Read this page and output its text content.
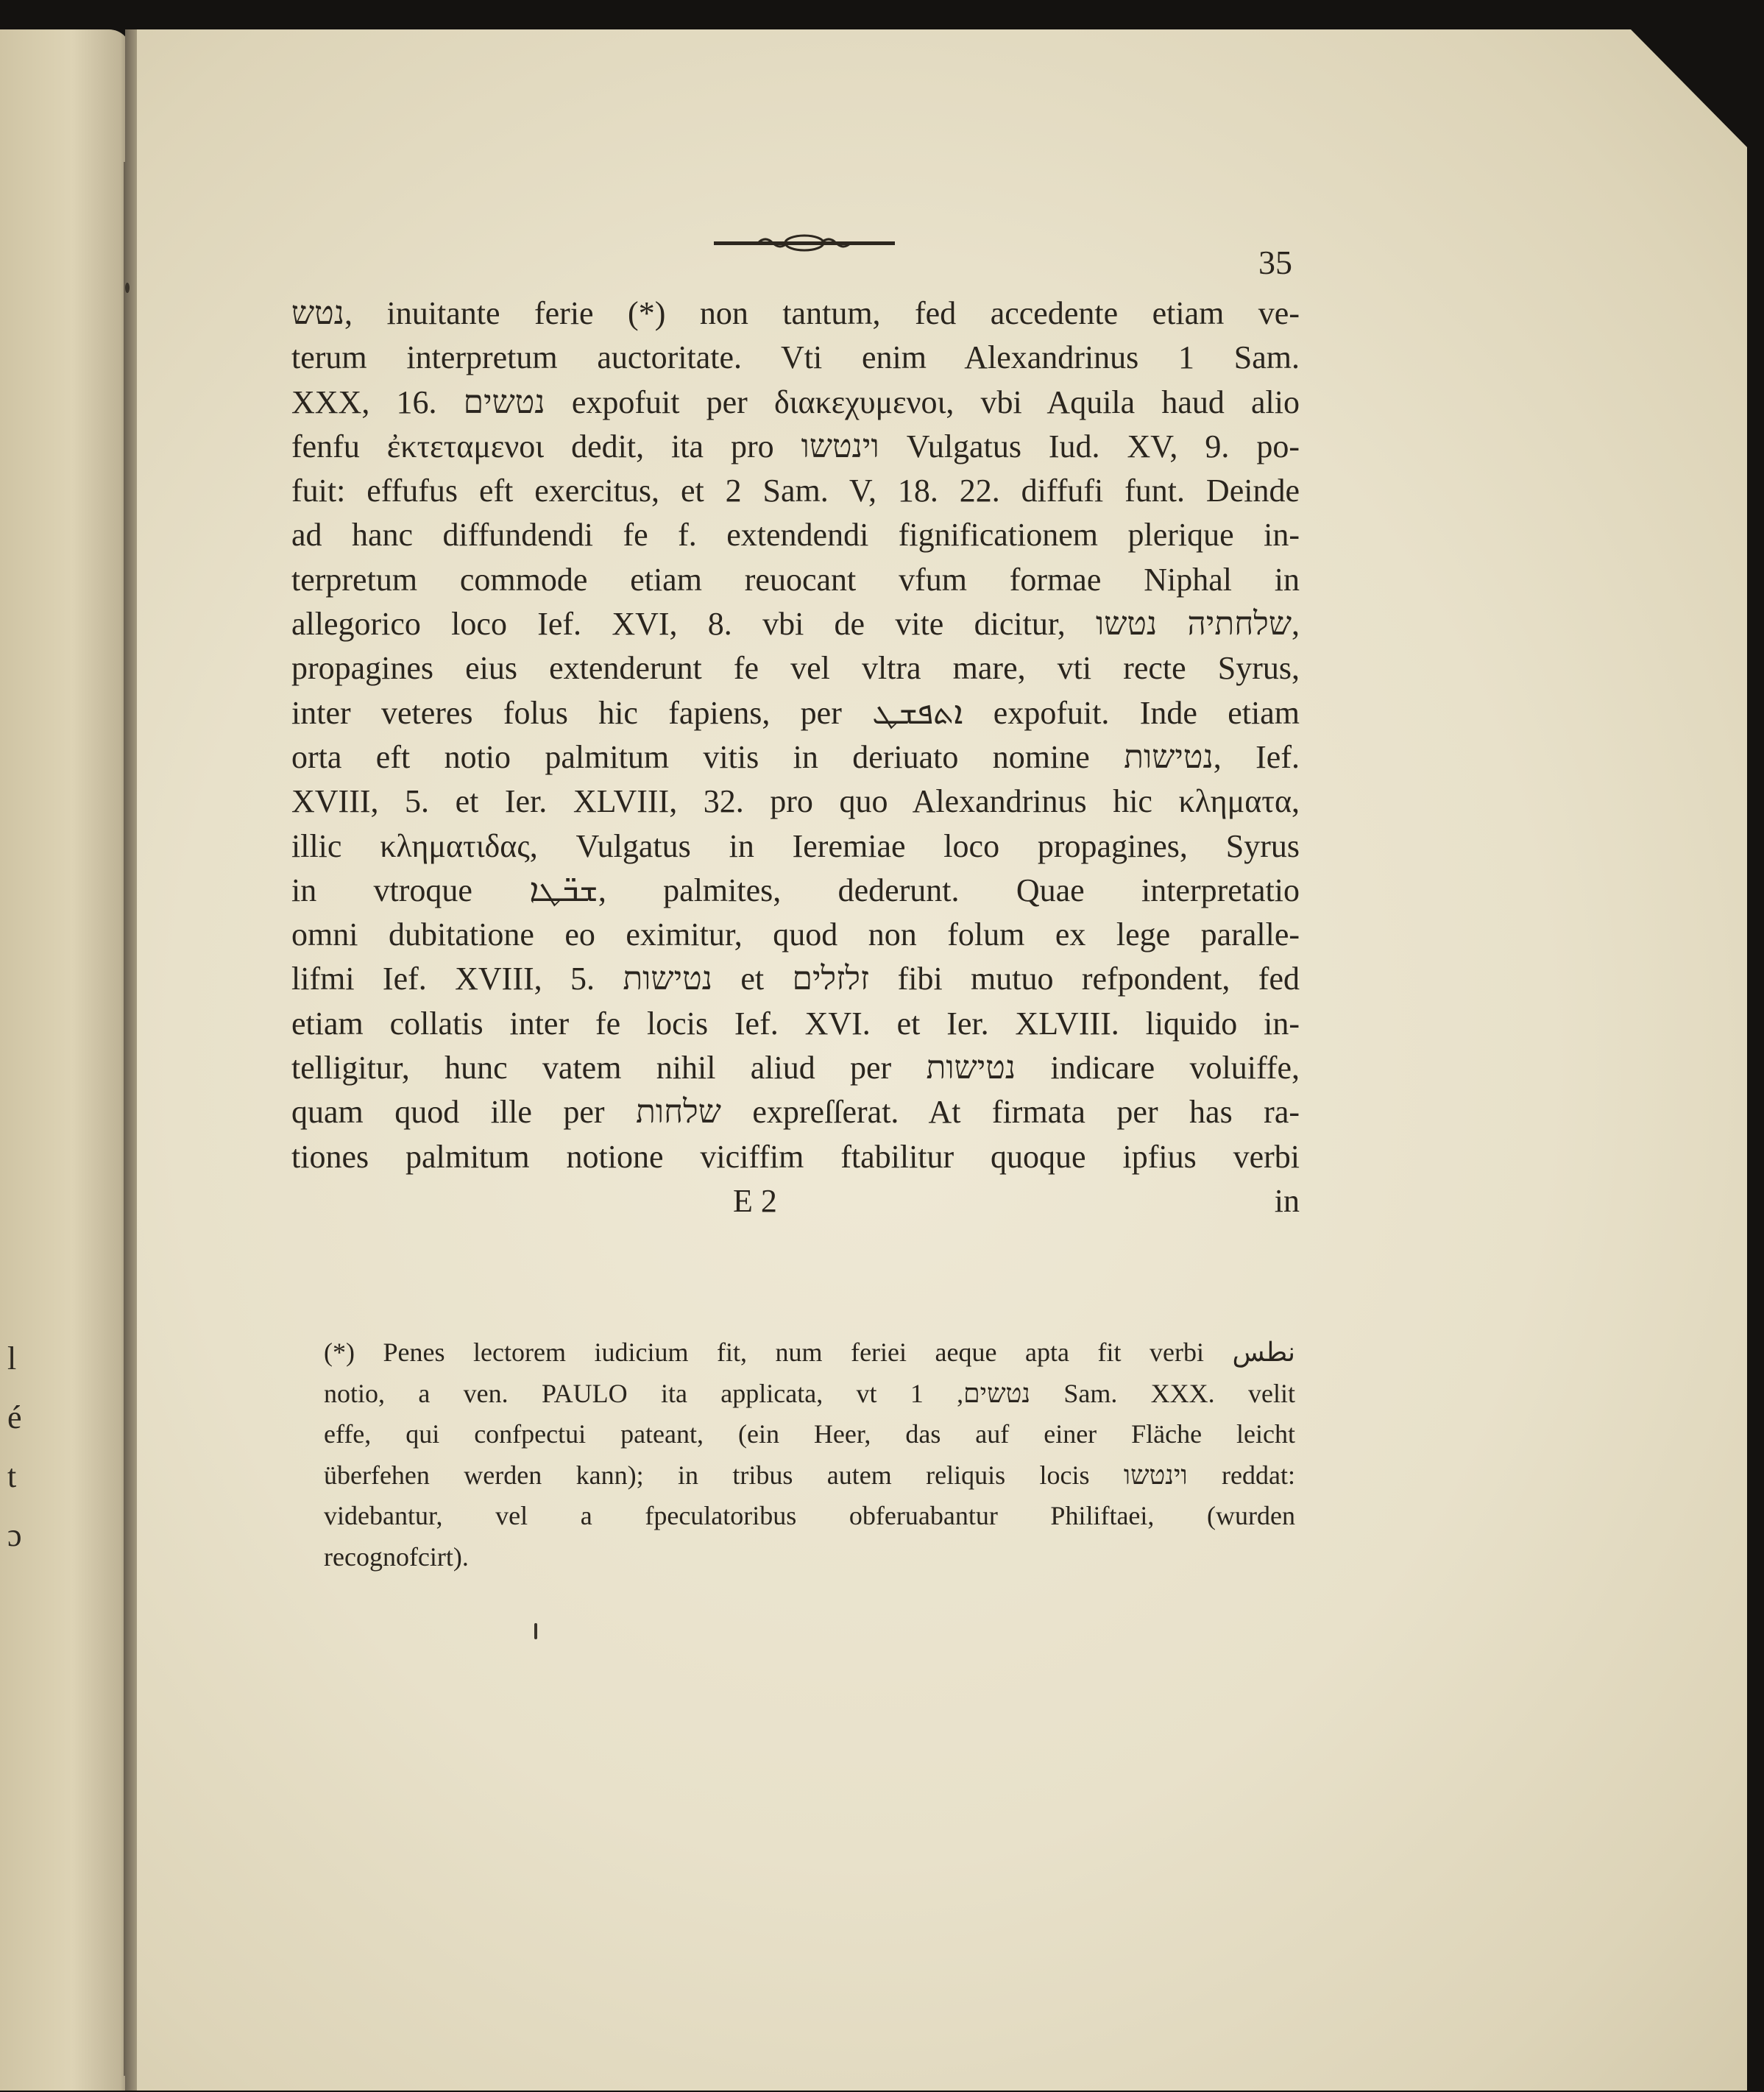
l
é
t
ɔ
35
נטש, inuitante ferie (*) non tantum, fed accedente etiam ve-
terum interpretum auctoritate. Vti enim Alexandrinus 1 Sam.
XXX, 16. נטשים expofuit per διακεχυμενοι, vbi Aquila haud alio
fenfu ἐκτεταμενοι dedit, ita pro וינטשו Vulgatus Iud. XV, 9. po-
fuit: effufus eft exercitus, et 2 Sam. V, 18. 22. diffufi funt. Deinde
ad hanc diffundendi fe f. extendendi fignificationem plerique in-
terpretum commode etiam reuocant vfum formae Niphal in
allegorico loco Ief. XVI, 8. vbi de vite dicitur, שלחתיה נטשו,
propagines eius extenderunt fe vel vltra mare, vti recte Syrus,
inter veteres folus hic fapiens, per ܐܬܦܫܛ expofuit. Inde etiam
orta eft notio palmitum vitis in deriuato nomine נטישות, Ief.
XVIII, 5. et Ier. XLVIII, 32. pro quo Alexandrinus hic κληματα,
illic κληματιδας, Vulgatus in Ieremiae loco propagines, Syrus
in vtroque ܫܒ̈ܛܐ, palmites, dederunt. Quae interpretatio
omni dubitatione eo eximitur, quod non folum ex lege paralle-
lifmi Ief. XVIII, 5. נטישות et זלזלים fibi mutuo refpondent, fed
etiam collatis inter fe locis Ief. XVI. et Ier. XLVIII. liquido in-
telligitur, hunc vatem nihil aliud per נטישות indicare voluiffe,
quam quod ille per שלחות expreſſerat. At firmata per has ra-
tiones palmitum notione viciffim ftabilitur quoque ipfius verbi
E 2	in
(*) Penes lectorem iudicium fit, num feriei aeque apta fit verbi نطس
notio, a ven. PAULO ita applicata, vt נטשים, 1 Sam. XXX. velit
effe, qui confpectui pateant, (ein Heer, das auf einer Fläche leicht
überfehen werden kann); in tribus autem reliquis locis וינטשו reddat:
videbantur, vel a fpeculatoribus obferuabantur Philiftaei, (wurden
recognofcirt).
